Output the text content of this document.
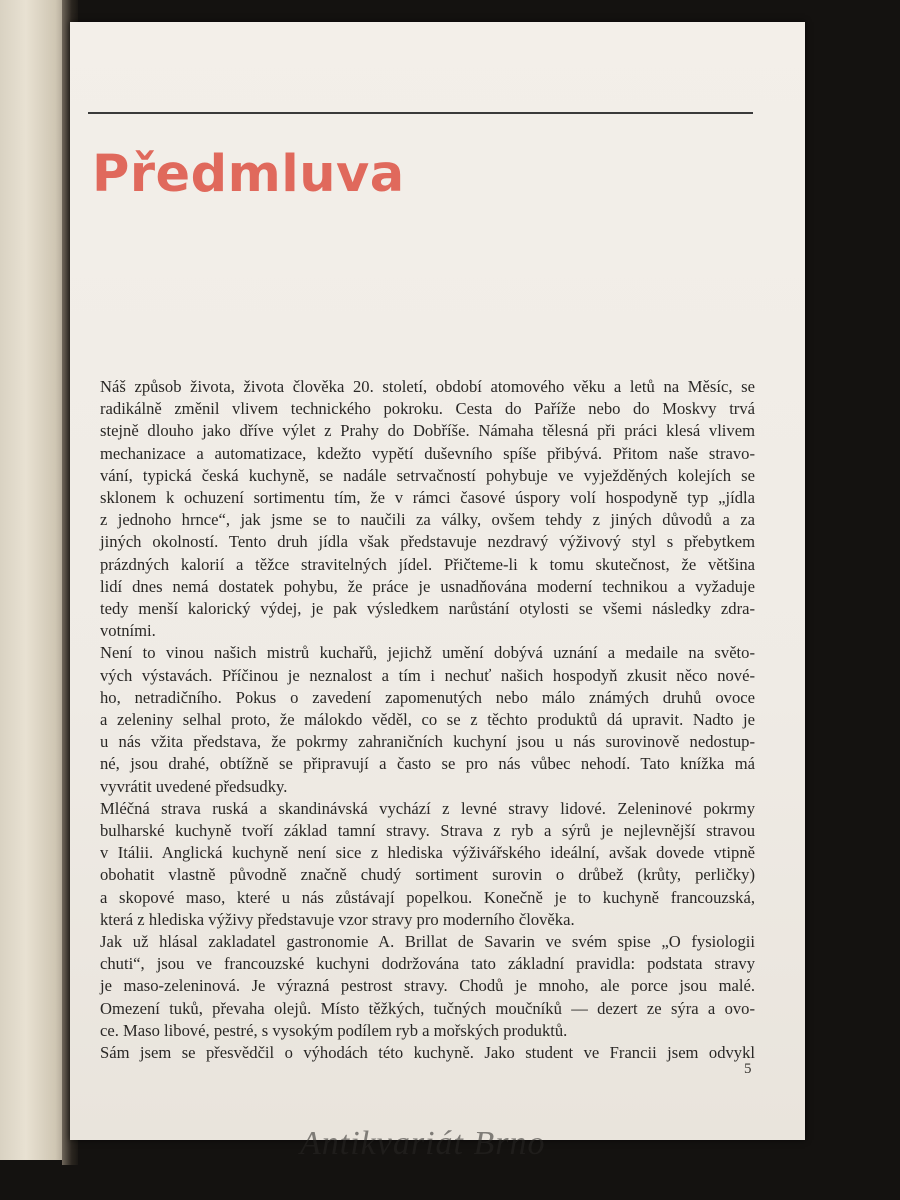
Předmluva
Náš způsob života, života člověka 20. století, období atomového věku a letů na Měsíc, se
radikálně změnil vlivem technického pokroku. Cesta do Paříže nebo do Moskvy trvá
stejně dlouho jako dříve výlet z Prahy do Dobříše. Námaha tělesná při práci klesá vlivem
mechanizace a automatizace, kdežto vypětí duševního spíše přibývá. Přitom naše stravo-
vání, typická česká kuchyně, se nadále setrvačností pohybuje ve vyježděných kolejích se
sklonem k ochuzení sortimentu tím, že v rámci časové úspory volí hospodyně typ „jídla
z jednoho hrnce“, jak jsme se to naučili za války, ovšem tehdy z jiných důvodů a za
jiných okolností. Tento druh jídla však představuje nezdravý výživový styl s přebytkem
prázdných kalorií a těžce stravitelných jídel. Přičteme-li k tomu skutečnost, že většina
lidí dnes nemá dostatek pohybu, že práce je usnadňována moderní technikou a vyžaduje
tedy menší kalorický výdej, je pak výsledkem narůstání otylosti se všemi následky zdra-
votními.
Není to vinou našich mistrů kuchařů, jejichž umění dobývá uznání a medaile na světo-
vých výstavách. Příčinou je neznalost a tím i nechuť našich hospodyň zkusit něco nové-
ho, netradičního. Pokus o zavedení zapomenutých nebo málo známých druhů ovoce
a zeleniny selhal proto, že málokdo věděl, co se z těchto produktů dá upravit. Nadto je
u nás vžita představa, že pokrmy zahraničních kuchyní jsou u nás surovinově nedostup-
né, jsou drahé, obtížně se připravují a často se pro nás vůbec nehodí. Tato knížka má
vyvrátit uvedené předsudky.
Mléčná strava ruská a skandinávská vychází z levné stravy lidové. Zeleninové pokrmy
bulharské kuchyně tvoří základ tamní stravy. Strava z ryb a sýrů je nejlevnější stravou
v Itálii. Anglická kuchyně není sice z hlediska výživářského ideální, avšak dovede vtipně
obohatit vlastně původně značně chudý sortiment surovin o drůbež (krůty, perličky)
a skopové maso, které u nás zůstávají popelkou. Konečně je to kuchyně francouzská,
která z hlediska výživy představuje vzor stravy pro moderního člověka.
Jak už hlásal zakladatel gastronomie A. Brillat de Savarin ve svém spise „O fysiologii
chuti“, jsou ve francouzské kuchyni dodržována tato základní pravidla: podstata stravy
je maso-zeleninová. Je výrazná pestrost stravy. Chodů je mnoho, ale porce jsou malé.
Omezení tuků, převaha olejů. Místo těžkých, tučných moučníků — dezert ze sýra a ovo-
ce. Maso libové, pestré, s vysokým podílem ryb a mořských produktů.
Sám jsem se přesvědčil o výhodách této kuchyně. Jako student ve Francii jsem odvykl
5
Antikvariát Brno
